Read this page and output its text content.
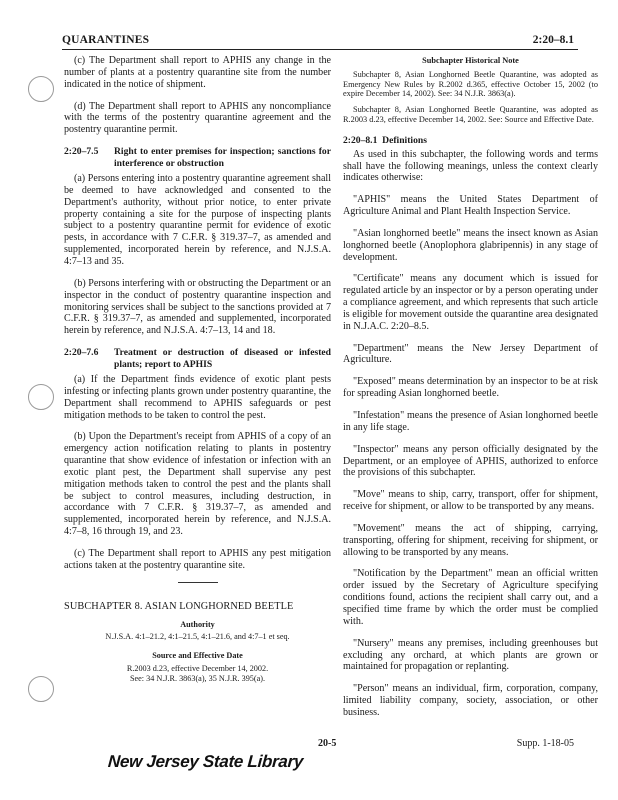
QUARANTINES	2:20–8.1

(c) The Department shall report to APHIS any change in the number of plants at a postentry quarantine site from the number indicated in the notice of shipment.

(d) The Department shall report to APHIS any noncompliance with the terms of the postentry quarantine agreement and the postentry quarantine permit.

2:20–7.5 Right to enter premises for inspection; sanctions for interference or obstruction

(a) Persons entering into a postentry quarantine agreement shall be deemed to have acknowledged and consented to the Department's authority, without prior notice, to enter private property containing a site for the purpose of inspecting plants subject to a postentry quarantine permit for evidence of exotic pests, in accordance with 7 C.F.R. § 319.37–7, as amended and supplemented, incorporated herein by reference, and N.J.S.A. 4:7–13 and 35.

(b) Persons interfering with or obstructing the Department or an inspector in the conduct of postentry quarantine inspection and monitoring services shall be subject to the sanctions provided at 7 C.F.R. § 319.37–7, as amended and supplemented, incorporated herein by reference, and N.J.S.A. 4:7–13, 14 and 18.

2:20–7.6 Treatment or destruction of diseased or infested plants; report to APHIS

(a) If the Department finds evidence of exotic plant pests infesting or infecting plants grown under postentry quarantine, the Department shall recommend to APHIS safeguards or pest mitigation methods to be taken to control the pest.

(b) Upon the Department's receipt from APHIS of a copy of an emergency action notification relating to plants in postentry quarantine that show evidence of infestation or infection with an exotic plant pest, the Department shall supervise any pest mitigation methods taken to control the pest and the plants shall be subject to control measures, including destruction, in accordance with 7 C.F.R. § 319.37–7, as amended and supplemented, incorporated herein by reference, and N.J.S.A. 4:7–8, 16 through 19, and 23.

(c) The Department shall report to APHIS any pest mitigation actions taken at the postentry quarantine site.

SUBCHAPTER 8. ASIAN LONGHORNED BEETLE
Authority
N.J.S.A. 4:1–21.2, 4:1–21.5, 4:1–21.6, and 4:7–1 et seq.
Source and Effective Date
R.2003 d.23, effective December 14, 2002.
See: 34 N.J.R. 3863(a), 35 N.J.R. 395(a).
Subchapter Historical Note

Subchapter 8, Asian Longhorned Beetle Quarantine, was adopted as Emergency New Rules by R.2002 d.365, effective October 15, 2002 (to expire December 14, 2002). See: 34 N.J.R. 3863(a).

Subchapter 8, Asian Longhorned Beetle Quarantine, was adopted as R.2003 d.23, effective December 14, 2002. See: Source and Effective Date.

2:20–8.1 Definitions

As used in this subchapter, the following words and terms shall have the following meanings, unless the context clearly indicates otherwise:

"APHIS" means the United States Department of Agriculture Animal and Plant Health Inspection Service.

"Asian longhorned beetle" means the insect known as Asian longhorned beetle (Anoplophora glabripennis) in any stage of development.

"Certificate" means any document which is issued for regulated article by an inspector or by a person operating under a compliance agreement, and which represents that such article is eligible for movement outside the quarantine area designated in N.J.A.C. 2:20–8.5.

"Department" means the New Jersey Department of Agriculture.

"Exposed" means determination by an inspector to be at risk for spreading Asian longhorned beetle.

"Infestation" means the presence of Asian longhorned beetle in any life stage.

"Inspector" means any person officially designated by the Department, or an employee of APHIS, authorized to enforce the provisions of this subchapter.

"Move" means to ship, carry, transport, offer for shipment, receive for shipment, or allow to be transported by any means.

"Movement" means the act of shipping, carrying, transporting, offering for shipment, receiving for shipment, or allowing to be transported by any means.

"Notification by the Department" mean an official written order issued by the Secretary of Agriculture specifying conditions found, actions the recipient shall carry out, and a specified time frame by which the order must be complied with.

"Nursery" means any premises, including greenhouses but excluding any orchard, at which plants are grown or maintained for propagation or replanting.

"Person" means an individual, firm, corporation, company, limited liability company, society, association, or other business.

20-5	Supp. 1-18-05
New Jersey State Library
